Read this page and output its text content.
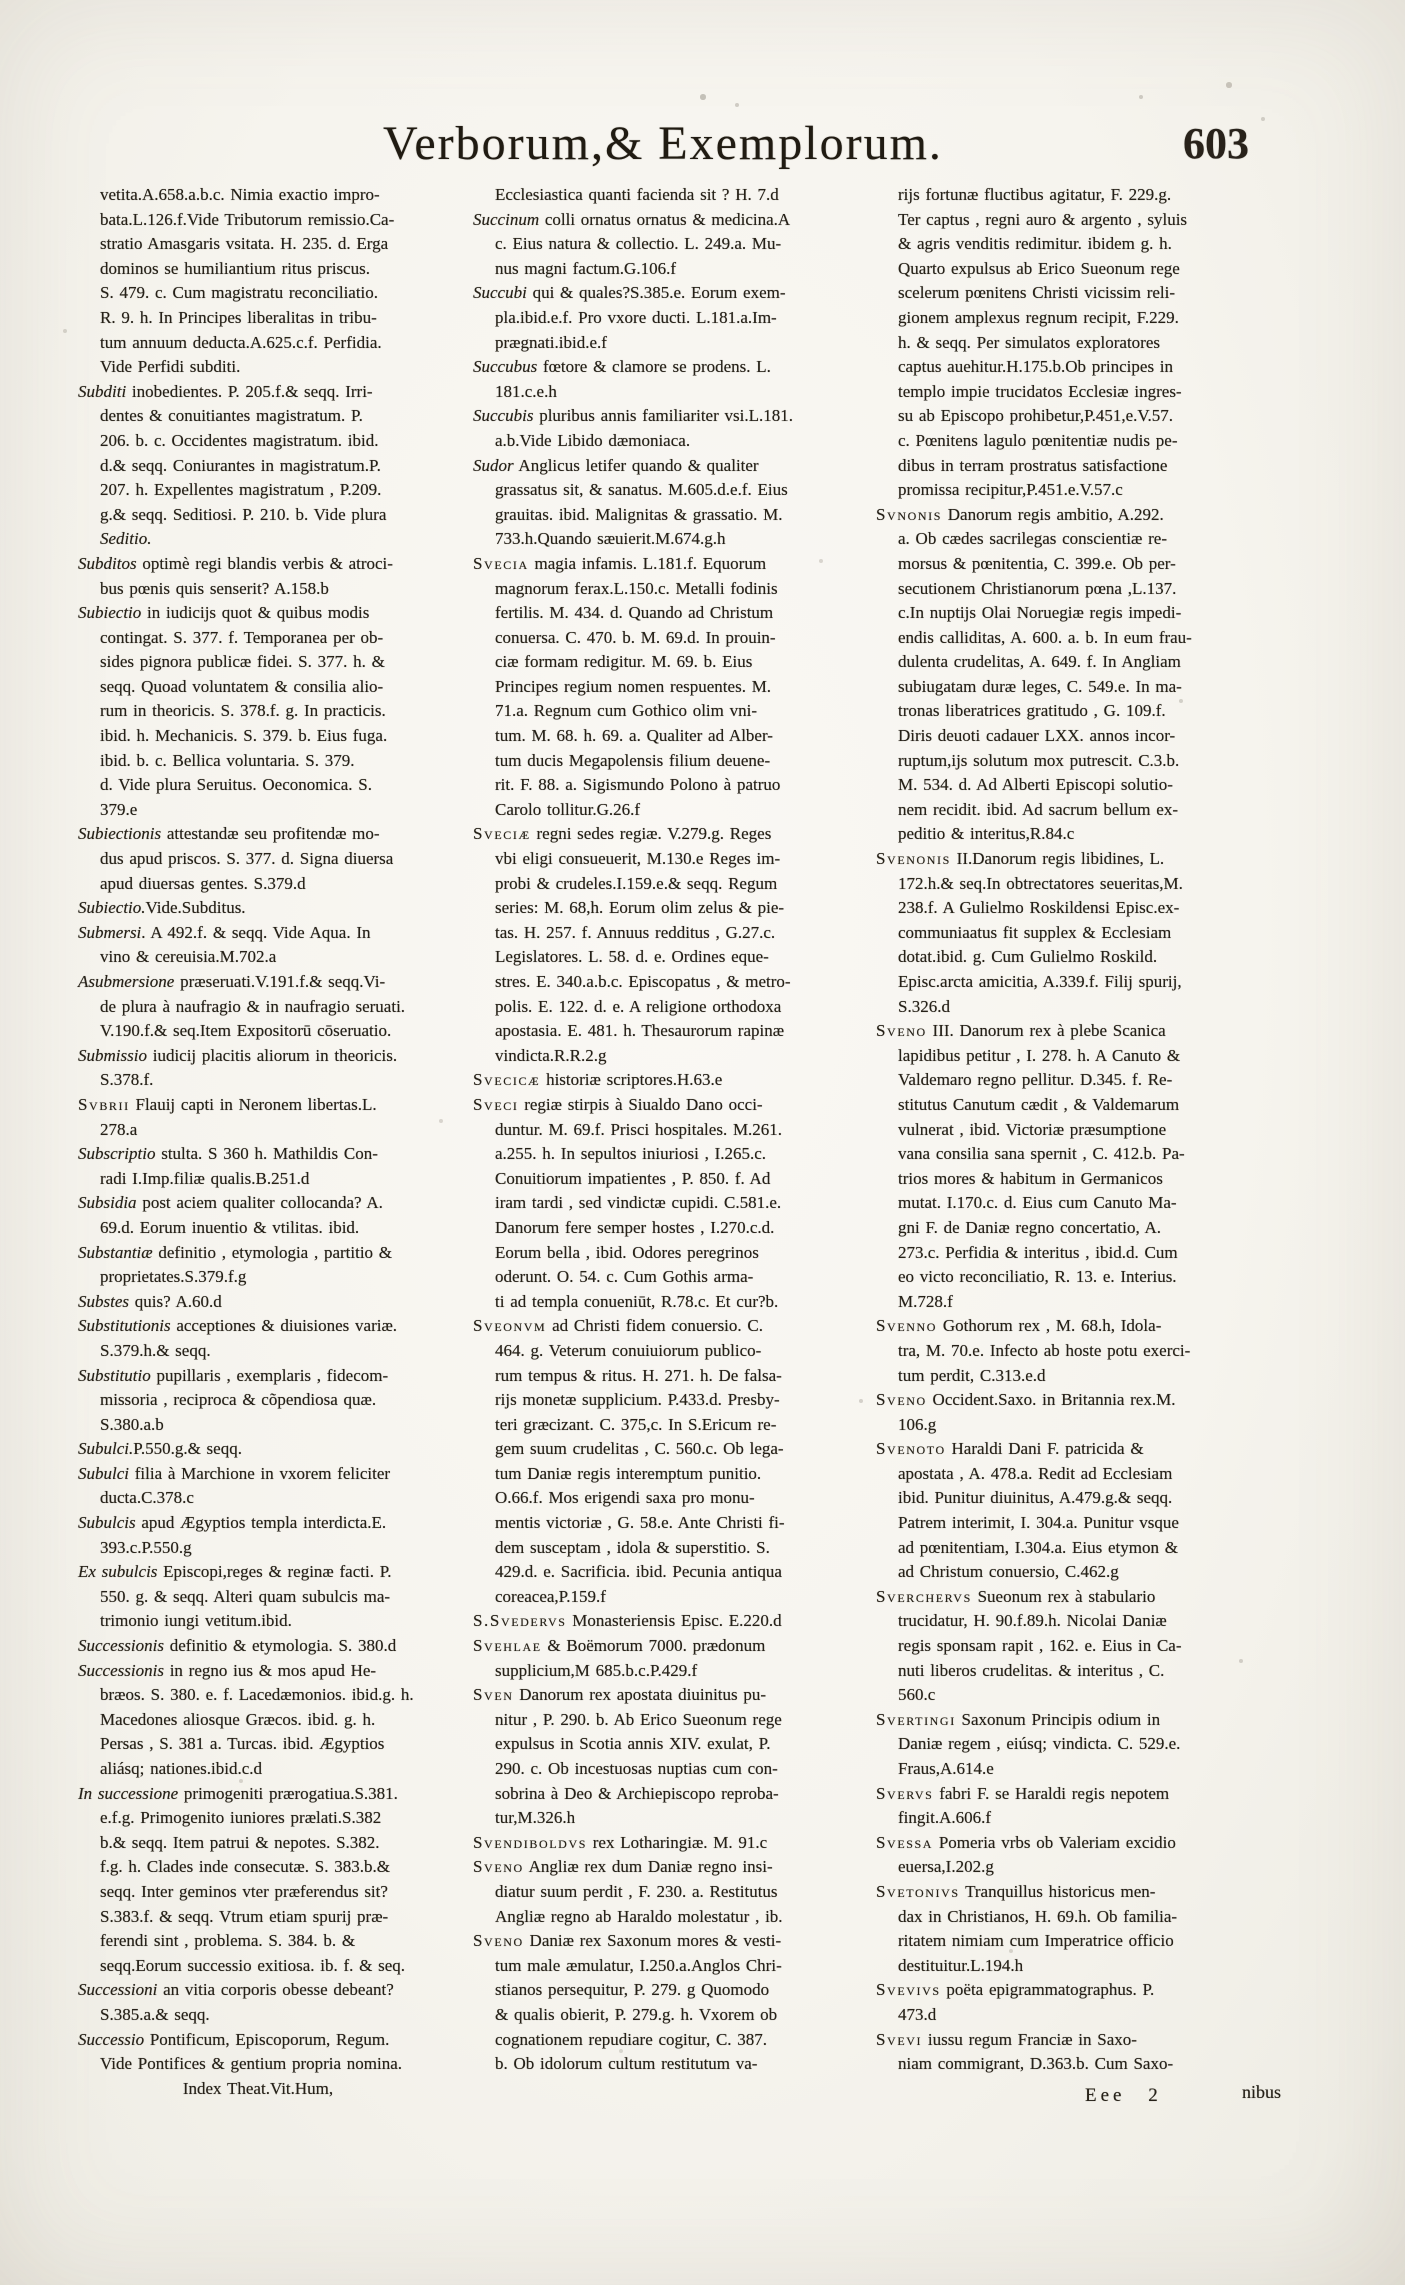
Verborum,& Exemplorum.	603
vetita.A.658.a.b.c. Nimia exactio impro-
bata.L.126.f.Vide Tributorum remissio.Ca-
stratio Amasgaris vsitata. H. 235. d. Erga
dominos se humiliantium ritus priscus.
S. 479. c. Cum magistratu reconciliatio.
R. 9. h. In Principes liberalitas in tribu-
tum annuum deducta.A.625.c.f. Perfidia.
Vide Perfidi subditi.
Subditi inobedientes. P. 205.f.& seqq. Irri-
dentes & conuitiantes magistratum. P.
206. b. c. Occidentes magistratum. ibid.
d.& seqq. Coniurantes in magistratum.P.
207. h. Expellentes magistratum , P.209.
g.& seqq. Seditiosi. P. 210. b. Vide plura
Seditio.
Subditos optimè regi blandis verbis & atroci-
bus pœnis quis senserit? A.158.b
Subiectio in iudicijs quot & quibus modis
contingat. S. 377. f. Temporanea per ob-
sides pignora publicæ fidei. S. 377. h. &
seqq. Quoad voluntatem & consilia alio-
rum in theoricis. S. 378.f. g. In practicis.
ibid. h. Mechanicis. S. 379. b. Eius fuga.
ibid. b. c. Bellica voluntaria. S. 379.
d. Vide plura Seruitus. Oeconomica. S.
379.e
Subiectionis attestandæ seu profitendæ mo-
dus apud priscos. S. 377. d. Signa diuersa
apud diuersas gentes. S.379.d
Subiectio.Vide.Subditus.
Submersi. A 492.f. & seqq. Vide Aqua. In
vino & cereuisia.M.702.a
Asubmersione præseruati.V.191.f.& seqq.Vi-
de plura à naufragio & in naufragio seruati.
V.190.f.& seq.Item Expositorū cōseruatio.
Submissio iudicij placitis aliorum in theoricis.
S.378.f.
Svbrii Flauij capti in Neronem libertas.L.
278.a
Subscriptio stulta. S 360 h. Mathildis Con-
radi I.Imp.filiæ qualis.B.251.d
Subsidia post aciem qualiter collocanda? A.
69.d. Eorum inuentio & vtilitas. ibid.
Substantiæ definitio , etymologia , partitio &
proprietates.S.379.f.g
Substes quis? A.60.d
Substitutionis acceptiones & diuisiones variæ.
S.379.h.& seqq.
Substitutio pupillaris , exemplaris , fidecom-
missoria , reciproca & cõpendiosa quæ.
S.380.a.b
Subulci.P.550.g.& seqq.
Subulci filia à Marchione in vxorem feliciter
ducta.C.378.c
Subulcis apud Ægyptios templa interdicta.E.
393.c.P.550.g
Ex subulcis Episcopi,reges & reginæ facti. P.
550. g. & seqq. Alteri quam subulcis ma-
trimonio iungi vetitum.ibid.
Successionis definitio & etymologia. S. 380.d
Successionis in regno ius & mos apud He-
bræos. S. 380. e. f. Lacedæmonios. ibid.g. h.
Macedones aliosque Græcos. ibid. g. h.
Persas , S. 381 a. Turcas. ibid. Ægyptios
aliásq; nationes.ibid.c.d
In successione primogeniti prærogatiua.S.381.
e.f.g. Primogenito iuniores prælati.S.382
b.& seqq. Item patrui & nepotes. S.382.
f.g. h. Clades inde consecutæ. S. 383.b.&
seqq. Inter geminos vter præferendus sit?
S.383.f. & seqq. Vtrum etiam spurij præ-
ferendi sint , problema. S. 384. b. &
seqq.Eorum successio exitiosa. ib. f. & seq.
Successioni an vitia corporis obesse debeant?
S.385.a.& seqq.
Successio Pontificum, Episcoporum, Regum.
Vide Pontifices & gentium propria nomina.
Index Theat.Vit.Hum,
Ecclesiastica quanti facienda sit ? H. 7.d
Succinum colli ornatus ornatus & medicina.A
c. Eius natura & collectio. L. 249.a. Mu-
nus magni factum.G.106.f
Succubi qui & quales?S.385.e. Eorum exem-
pla.ibid.e.f. Pro vxore ducti. L.181.a.Im-
prægnati.ibid.e.f
Succubus fœtore & clamore se prodens. L.
181.c.e.h
Succubis pluribus annis familiariter vsi.L.181.
a.b.Vide Libido dæmoniaca.
Sudor Anglicus letifer quando & qualiter
grassatus sit, & sanatus. M.605.d.e.f. Eius
grauitas. ibid. Malignitas & grassatio. M.
733.h.Quando sæuierit.M.674.g.h
Svecia magia infamis. L.181.f. Equorum
magnorum ferax.L.150.c. Metalli fodinis
fertilis. M. 434. d. Quando ad Christum
conuersa. C. 470. b. M. 69.d. In prouin-
ciæ formam redigitur. M. 69. b. Eius
Principes regium nomen respuentes. M.
71.a. Regnum cum Gothico olim vni-
tum. M. 68. h. 69. a. Qualiter ad Alber-
tum ducis Megapolensis filium deuene-
rit. F. 88. a. Sigismundo Polono à patruo
Carolo tollitur.G.26.f
Sveciæ regni sedes regiæ. V.279.g. Reges
vbi eligi consueuerit, M.130.e Reges im-
probi & crudeles.I.159.e.& seqq. Regum
series: M. 68,h. Eorum olim zelus & pie-
tas. H. 257. f. Annuus redditus , G.27.c.
Legislatores. L. 58. d. e. Ordines eque-
stres. E. 340.a.b.c. Episcopatus , & metro-
polis. E. 122. d. e. A religione orthodoxa
apostasia. E. 481. h. Thesaurorum rapinæ
vindicta.R.R.2.g
Svecicæ historiæ scriptores.H.63.e
Sveci regiæ stirpis à Siualdo Dano occi-
duntur. M. 69.f. Prisci hospitales. M.261.
a.255. h. In sepultos iniuriosi , I.265.c.
Conuitiorum impatientes , P. 850. f. Ad
iram tardi , sed vindictæ cupidi. C.581.e.
Danorum fere semper hostes , I.270.c.d.
Eorum bella , ibid. Odores peregrinos
oderunt. O. 54. c. Cum Gothis arma-
ti ad templa conueniūt, R.78.c. Et cur?b.
Sveonvm ad Christi fidem conuersio. C.
464. g. Veterum conuiuiorum publico-
rum tempus & ritus. H. 271. h. De falsa-
rijs monetæ supplicium. P.433.d. Presby-
teri græcizant. C. 375,c. In S.Ericum re-
gem suum crudelitas , C. 560.c. Ob lega-
tum Daniæ regis interemptum punitio.
O.66.f. Mos erigendi saxa pro monu-
mentis victoriæ , G. 58.e. Ante Christi fi-
dem susceptam , idola & superstitio. S.
429.d. e. Sacrificia. ibid. Pecunia antiqua
coreacea,P.159.f
S.Svedervs Monasteriensis Episc. E.220.d
Svehlae & Boëmorum 7000. prædonum
supplicium,M 685.b.c.P.429.f
Sven Danorum rex apostata diuinitus pu-
nitur , P. 290. b. Ab Erico Sueonum rege
expulsus in Scotia annis XIV. exulat, P.
290. c. Ob incestuosas nuptias cum con-
sobrina à Deo & Archiepiscopo reproba-
tur,M.326.h
Svendiboldvs rex Lotharingiæ. M. 91.c
Sveno Angliæ rex dum Daniæ regno insi-
diatur suum perdit , F. 230. a. Restitutus
Angliæ regno ab Haraldo molestatur , ib.
Sveno Daniæ rex Saxonum mores & vesti-
tum male æmulatur, I.250.a.Anglos Chri-
stianos persequitur, P. 279. g Quomodo
& qualis obierit, P. 279.g. h. Vxorem ob
cognationem repudiare cogitur, C. 387.
b. Ob idolorum cultum restitutum va-
rijs fortunæ fluctibus agitatur, F. 229.g.
Ter captus , regni auro & argento , syluis
& agris venditis redimitur. ibidem g. h.
Quarto expulsus ab Erico Sueonum rege
scelerum pœnitens Christi vicissim reli-
gionem amplexus regnum recipit, F.229.
h. & seqq. Per simulatos exploratores
captus auehitur.H.175.b.Ob principes in
templo impie trucidatos Ecclesiæ ingres-
su ab Episcopo prohibetur,P.451,e.V.57.
c. Pœnitens lagulo pœnitentiæ nudis pe-
dibus in terram prostratus satisfactione
promissa recipitur,P.451.e.V.57.c
Svnonis Danorum regis ambitio, A.292.
a. Ob cædes sacrilegas conscientiæ re-
morsus & pœnitentia, C. 399.e. Ob per-
secutionem Christianorum pœna ,L.137.
c.In nuptijs Olai Noruegiæ regis impedi-
endis calliditas, A. 600. a. b. In eum frau-
dulenta crudelitas, A. 649. f. In Angliam
subiugatam duræ leges, C. 549.e. In ma-
tronas liberatrices gratitudo , G. 109.f.
Diris deuoti cadauer LXX. annos incor-
ruptum,ijs solutum mox putrescit. C.3.b.
M. 534. d. Ad Alberti Episcopi solutio-
nem recidit. ibid. Ad sacrum bellum ex-
peditio & interitus,R.84.c
Svenonis II.Danorum regis libidines, L.
172.h.& seq.In obtrectatores seueritas,M.
238.f. A Gulielmo Roskildensi Episc.ex-
communiaatus fit supplex & Ecclesiam
dotat.ibid. g. Cum Gulielmo Roskild.
Episc.arcta amicitia, A.339.f. Filij spurij,
S.326.d
Sveno III. Danorum rex à plebe Scanica
lapidibus petitur , I. 278. h. A Canuto &
Valdemaro regno pellitur. D.345. f. Re-
stitutus Canutum cædit , & Valdemarum
vulnerat , ibid. Victoriæ præsumptione
vana consilia sana spernit , C. 412.b. Pa-
trios mores & habitum in Germanicos
mutat. I.170.c. d. Eius cum Canuto Ma-
gni F. de Daniæ regno concertatio, A.
273.c. Perfidia & interitus , ibid.d. Cum
eo victo reconciliatio, R. 13. e. Interius.
M.728.f
Svenno Gothorum rex , M. 68.h, Idola-
tra, M. 70.e. Infecto ab hoste potu exerci-
tum perdit, C.313.e.d
Sveno Occident.Saxo. in Britannia rex.M.
106.g
Svenoto Haraldi Dani F. patricida &
apostata , A. 478.a. Redit ad Ecclesiam
ibid. Punitur diuinitus, A.479.g.& seqq.
Patrem interimit, I. 304.a. Punitur vsque
ad pœnitentiam, I.304.a. Eius etymon &
ad Christum conuersio, C.462.g
Sverchervs Sueonum rex à stabulario
trucidatur, H. 90.f.89.h. Nicolai Daniæ
regis sponsam rapit , 162. e. Eius in Ca-
nuti liberos crudelitas. & interitus , C.
560.c
Svertingi Saxonum Principis odium in
Daniæ regem , eiúsq; vindicta. C. 529.e.
Fraus,A.614.e
Svervs fabri F. se Haraldi regis nepotem
fingit.A.606.f
Svessa Pomeria vrbs ob Valeriam excidio
euersa,I.202.g
Svetonivs Tranquillus historicus men-
dax in Christianos, H. 69.h. Ob familia-
ritatem nimiam cum Imperatrice officio
destituitur.L.194.h
Svevivs poëta epigrammatographus. P.
473.d
Svevi iussu regum Franciæ in Saxo-
niam commigrant, D.363.b. Cum Saxo-
Eee 2	nibus
